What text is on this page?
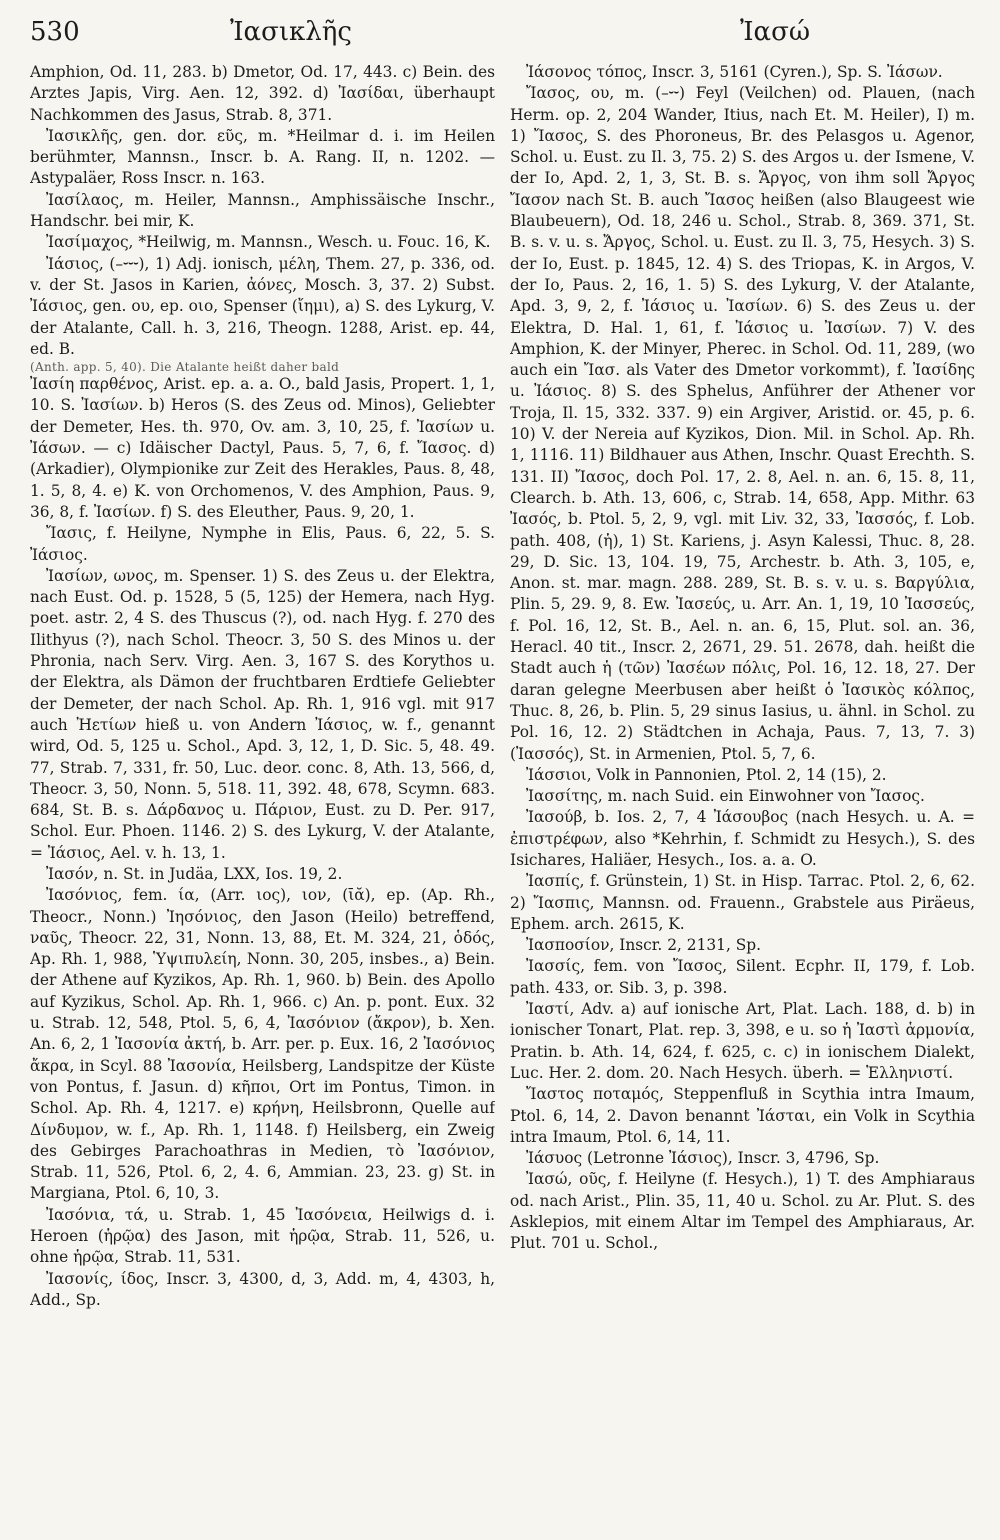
530	Ἰασικλῆς	Ἰασώ

Amphion, Od. 11, 283. b) Dmetor, Od. 17, 443. c) Bein. des Arztes Japis, Virg. Aen. 12, 392. d) Ἰασίδαι, überhaupt Nachkommen des Jasus, Strab. 8, 371.

Ἰασικλῆς, gen. dor. εῦς, m. *Heilmar d. i. im Heilen berühmter, Mannsn., Inscr. b. A. Rang. II, n. 1202. — Astypaläer, Ross Inscr. n. 163.

Ἰασίλαος, m. Heiler, Mannsn., Amphissäische Inschr., Handschr. bei mir, K.

Ἰασίμαχος, *Heilwig, m. Mannsn., Wesch. u. Fouc. 16, K.

Ἰάσιος, (–⏑⏑⏑), 1) Adj. ionisch, μέλη, Them. 27, p. 336, od. v. der St. Jasos in Karien, ἀόνες, Mosch. 3, 37. 2) Subst. Ἰάσιος, gen. ου, ep. οιο, Spenser (ἴημι), a) S. des Lykurg, V. der Atalante, Call. h. 3, 216, Theogn. 1288, Arist. ep. 44, ed. B.

(Anth. app. 5, 40). Die Atalante heißt daher bald

Ἰασίη παρθένος, Arist. ep. a. a. O., bald Jasis, Propert. 1, 1, 10. S. Ἰασίων. b) Heros (S. des Zeus od. Minos), Geliebter der Demeter, Hes. th. 970, Ov. am. 3, 10, 25, f. Ἰασίων u. Ἰάσων. — c) Idäischer Dactyl, Paus. 5, 7, 6, f. Ἴασος. d) (Arkadier), Olympionike zur Zeit des Herakles, Paus. 8, 48, 1. 5, 8, 4. e) K. von Orchomenos, V. des Amphion, Paus. 9, 36, 8, f. Ἰασίων. f) S. des Eleuther, Paus. 9, 20, 1.

Ἴασις, f. Heilyne, Nymphe in Elis, Paus. 6, 22, 5. S. Ἰάσιος.

Ἰασίων, ωνος, m. Spenser. 1) S. des Zeus u. der Elektra, nach Eust. Od. p. 1528, 5 (5, 125) der Hemera, nach Hyg. poet. astr. 2, 4 S. des Thuscus (?), od. nach Hyg. f. 270 des Ilithyus (?), nach Schol. Theocr. 3, 50 S. des Minos u. der Phronia, nach Serv. Virg. Aen. 3, 167 S. des Korythos u. der Elektra, als Dämon der fruchtbaren Erdtiefe Geliebter der Demeter, der nach Schol. Ap. Rh. 1, 916 vgl. mit 917 auch Ἠετίων hieß u. von Andern Ἰάσιος, w. f., genannt wird, Od. 5, 125 u. Schol., Apd. 3, 12, 1, D. Sic. 5, 48. 49. 77, Strab. 7, 331, fr. 50, Luc. deor. conc. 8, Ath. 13, 566, d, Theocr. 3, 50, Nonn. 5, 518. 11, 392. 48, 678, Scymn. 683. 684, St. B. s. Δάρδανος u. Πάριον, Eust. zu D. Per. 917, Schol. Eur. Phoen. 1146. 2) S. des Lykurg, V. der Atalante, = Ἰάσιος, Ael. v. h. 13, 1.

Ἰασόν, n. St. in Judäa, LXX, Ios. 19, 2.

Ἰασόνιος, fem. ία, (Arr. ιος), ιον, (ῑᾰ), ep. (Ap. Rh., Theocr., Nonn.) Ἰησόνιος, den Jason (Heilo) betreffend, ναῦς, Theocr. 22, 31, Nonn. 13, 88, Et. M. 324, 21, ὁδός, Ap. Rh. 1, 988, Ὑψιπυλείη, Nonn. 30, 205, insbes., a) Bein. der Athene auf Kyzikos, Ap. Rh. 1, 960. b) Bein. des Apollo auf Kyzikus, Schol. Ap. Rh. 1, 966. c) An. p. pont. Eux. 32 u. Strab. 12, 548, Ptol. 5, 6, 4, Ἰασόνιον (ἄκρον), b. Xen. An. 6, 2, 1 Ἰασονία ἀκτή, b. Arr. per. p. Eux. 16, 2 Ἰασόνιος ἄκρα, in Scyl. 88 Ἰασονία, Heilsberg, Landspitze der Küste von Pontus, f. Jasun. d) κῆποι, Ort im Pontus, Timon. in Schol. Ap. Rh. 4, 1217. e) κρήνη, Heilsbronn, Quelle auf Δίνδυμον, w. f., Ap. Rh. 1, 1148. f) Heilsberg, ein Zweig des Gebirges Parachoathras in Medien, τὸ Ἰασόνιον, Strab. 11, 526, Ptol. 6, 2, 4. 6, Ammian. 23, 23. g) St. in Margiana, Ptol. 6, 10, 3.

Ἰασόνια, τά, u. Strab. 1, 45 Ἰασόνεια, Heilwigs d. i. Heroen (ἡρῷα) des Jason, mit ἡρῷα, Strab. 11, 526, u. ohne ἡρῷα, Strab. 11, 531.

Ἰασονίς, ίδος, Inscr. 3, 4300, d, 3, Add. m, 4, 4303, h, Add., Sp.

Ἰάσονος τόπος, Inscr. 3, 5161 (Cyren.), Sp. S. Ἰάσων.

Ἴασος, ου, m. (–⏑⏑) Feyl (Veilchen) od. Plauen, (nach Herm. op. 2, 204 Wander, Itius, nach Et. M. Heiler), I) m. 1) Ἴασος, S. des Phoroneus, Br. des Pelasgos u. Agenor, Schol. u. Eust. zu Il. 3, 75. 2) S. des Argos u. der Ismene, V. der Io, Apd. 2, 1, 3, St. B. s. Ἄργος, von ihm soll Ἄργος Ἴασον nach St. B. auch Ἴασος heißen (also Blaugeest wie Blaubeuern), Od. 18, 246 u. Schol., Strab. 8, 369. 371, St. B. s. v. u. s. Ἄργος, Schol. u. Eust. zu Il. 3, 75, Hesych. 3) S. der Io, Eust. p. 1845, 12. 4) S. des Triopas, K. in Argos, V. der Io, Paus. 2, 16, 1. 5) S. des Lykurg, V. der Atalante, Apd. 3, 9, 2, f. Ἰάσιος u. Ἰασίων. 6) S. des Zeus u. der Elektra, D. Hal. 1, 61, f. Ἰάσιος u. Ἰασίων. 7) V. des Amphion, K. der Minyer, Pherec. in Schol. Od. 11, 289, (wo auch ein Ἴασ. als Vater des Dmetor vorkommt), f. Ἰασίδης u. Ἰάσιος. 8) S. des Sphelus, Anführer der Athener vor Troja, Il. 15, 332. 337. 9) ein Argiver, Aristid. or. 45, p. 6. 10) V. der Nereia auf Kyzikos, Dion. Mil. in Schol. Ap. Rh. 1, 1116. 11) Bildhauer aus Athen, Inschr. Quast Erechth. S. 131. II) Ἴασος, doch Pol. 17, 2. 8, Ael. n. an. 6, 15. 8, 11, Clearch. b. Ath. 13, 606, c, Strab. 14, 658, App. Mithr. 63 Ἰασός, b. Ptol. 5, 2, 9, vgl. mit Liv. 32, 33, Ἰασσός, f. Lob. path. 408, (ἡ), 1) St. Kariens, j. Asyn Kalessi, Thuc. 8, 28. 29, D. Sic. 13, 104. 19, 75, Archestr. b. Ath. 3, 105, e, Anon. st. mar. magn. 288. 289, St. B. s. v. u. s. Βαργύλια, Plin. 5, 29. 9, 8. Ew. Ἰασεύς, u. Arr. An. 1, 19, 10 Ἰασσεύς, f. Pol. 16, 12, St. B., Ael. n. an. 6, 15, Plut. sol. an. 36, Heracl. 40 tit., Inscr. 2, 2671, 29. 51. 2678, dah. heißt die Stadt auch ἡ (τῶν) Ἰασέων πόλις, Pol. 16, 12. 18, 27. Der daran gelegne Meerbusen aber heißt ὁ Ἰασικὸς κόλπος, Thuc. 8, 26, b. Plin. 5, 29 sinus Iasius, u. ähnl. in Schol. zu Pol. 16, 12. 2) Städtchen in Achaja, Paus. 7, 13, 7. 3) (Ἰασσός), St. in Armenien, Ptol. 5, 7, 6.

Ἰάσσιοι, Volk in Pannonien, Ptol. 2, 14 (15), 2.

Ἰασσίτης, m. nach Suid. ein Einwohner von Ἴασος.

Ἰασούβ, b. Ios. 2, 7, 4 Ἰάσουβος (nach Hesych. u. A. = ἐπιστρέφων, also *Kehrhin, f. Schmidt zu Hesych.), S. des Isichares, Haliäer, Hesych., Ios. a. a. O.

Ἰασπίς, f. Grünstein, 1) St. in Hisp. Tarrac. Ptol. 2, 6, 62. 2) Ἴασπις, Mannsn. od. Frauenn., Grabstele aus Piräeus, Ephem. arch. 2615, K.

Ἰασποσίον, Inscr. 2, 2131, Sp.

Ἰασσίς, fem. von Ἴασος, Silent. Ecphr. II, 179, f. Lob. path. 433, or. Sib. 3, p. 398.

Ἰαστί, Adv. a) auf ionische Art, Plat. Lach. 188, d. b) in ionischer Tonart, Plat. rep. 3, 398, e u. so ἡ Ἰαστὶ ἁρμονία, Pratin. b. Ath. 14, 624, f. 625, c. c) in ionischem Dialekt, Luc. Her. 2. dom. 20. Nach Hesych. überh. = Ἑλληνιστί.

Ἴαστος ποταμός, Steppenfluß in Scythia intra Imaum, Ptol. 6, 14, 2. Davon benannt Ἰάσται, ein Volk in Scythia intra Imaum, Ptol. 6, 14, 11.

Ἰάσυος (Letronne Ἰάσιος), Inscr. 3, 4796, Sp.

Ἰασώ, οῦς, f. Heilyne (f. Hesych.), 1) T. des Amphiaraus od. nach Arist., Plin. 35, 11, 40 u. Schol. zu Ar. Plut. S. des Asklepios, mit einem Altar im Tempel des Amphiaraus, Ar. Plut. 701 u. Schol.,
